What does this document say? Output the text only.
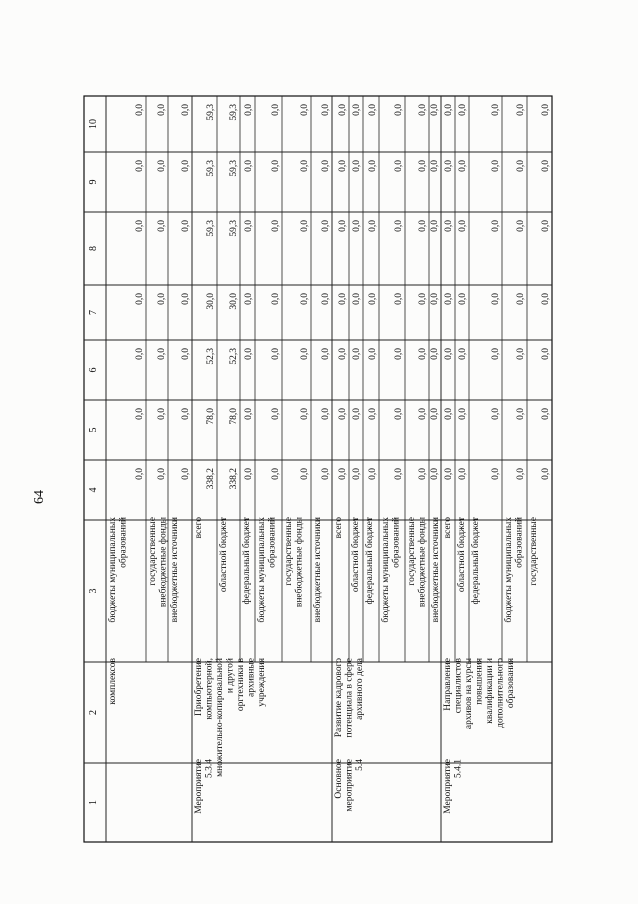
64
1
2
3
4
5
6
7
8
9
10
0,0
0,0
0,0
0,0
0,0
0,0
0,0
бюджеты муниципальных образований
комплексов
0,0
0,0
0,0
0,0
0,0
0,0
0,0
государственные внебюджетные фонды
0,0
0,0
0,0
0,0
0,0
0,0
0,0
внебюджетные источники
338,2
78,0
52,3
30,0
59,3
59,3
59,3
всего
Мероприятие 5.3.4
Приобретение компьютерной, множительно-копировальной и другой оргтехники в архивные учреждения
338,2
78,0
52,3
30,0
59,3
59,3
59,3
областной бюджет
0,0
0,0
0,0
0,0
0,0
0,0
0,0
федеральный бюджет
0,0
0,0
0,0
0,0
0,0
0,0
0,0
бюджеты муниципальных образований
0,0
0,0
0,0
0,0
0,0
0,0
0,0
государственные внебюджетные фонды
0,0
0,0
0,0
0,0
0,0
0,0
0,0
внебюджетные источники
0,0
0,0
0,0
0,0
0,0
0,0
0,0
всего
Основное мероприятие 5.4
Развитие кадрового потенциала в сфере архивного дела
0,0
0,0
0,0
0,0
0,0
0,0
0,0
областной бюджет
0,0
0,0
0,0
0,0
0,0
0,0
0,0
федеральный бюджет
0,0
0,0
0,0
0,0
0,0
0,0
0,0
бюджеты муниципальных образований
0,0
0,0
0,0
0,0
0,0
0,0
0,0
государственные внебюджетные фонды
0,0
0,0
0,0
0,0
0,0
0,0
0,0
внебюджетные источники
0,0
0,0
0,0
0,0
0,0
0,0
0,0
всего
Мероприятие 5.4.1
Направление специалистов архивов на курсы повышения квалификации и дополнительного образования
0,0
0,0
0,0
0,0
0,0
0,0
0,0
областной бюджет
0,0
0,0
0,0
0,0
0,0
0,0
0,0
федеральный бюджет
0,0
0,0
0,0
0,0
0,0
0,0
0,0
бюджеты муниципальных образований
0,0
0,0
0,0
0,0
0,0
0,0
0,0
государственные
